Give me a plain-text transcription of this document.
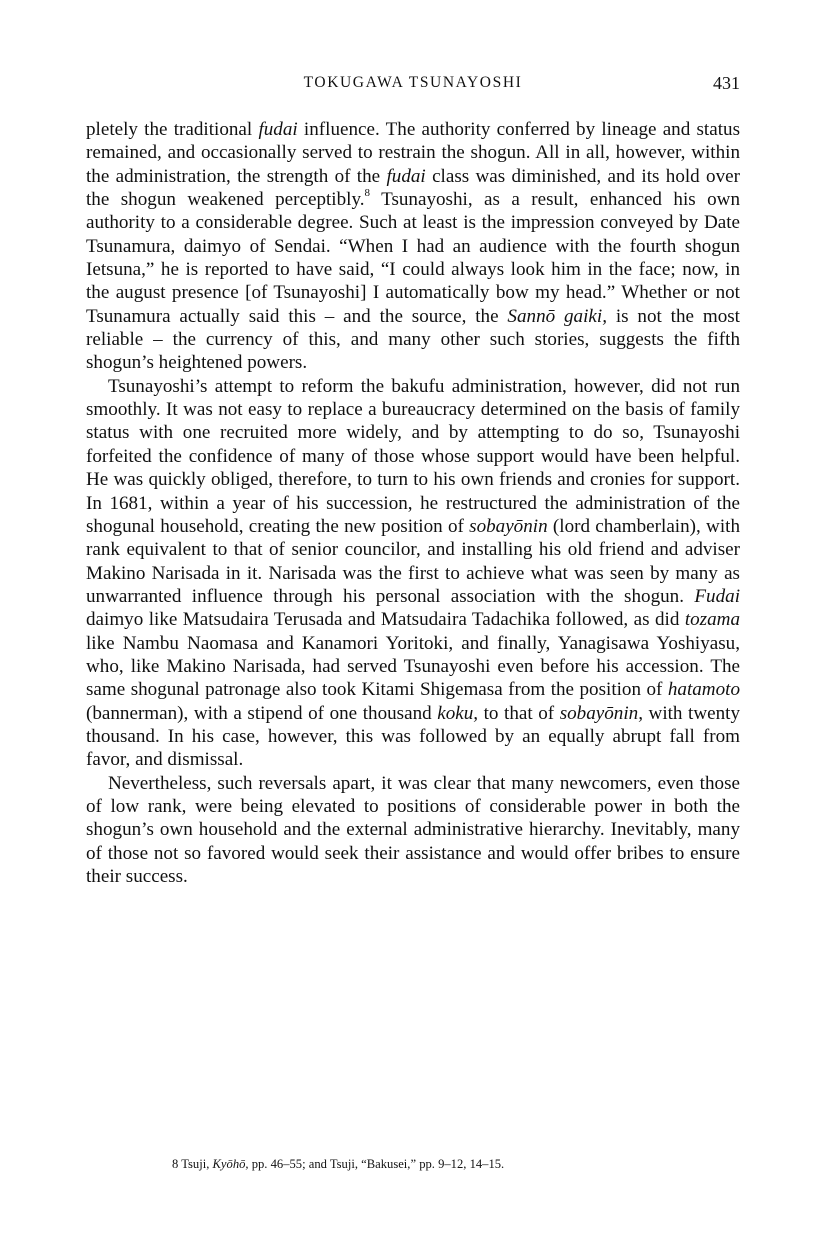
TOKUGAWA TSUNAYOSHI	431

pletely the traditional fudai influence. The authority conferred by lineage and status remained, and occasionally served to restrain the shogun. All in all, however, within the administration, the strength of the fudai class was diminished, and its hold over the shogun weakened perceptibly.$^8$ Tsunayoshi, as a result, enhanced his own authority to a considerable degree. Such at least is the impression conveyed by Date Tsunamura, daimyo of Sendai. “When I had an audience with the fourth shogun Ietsuna,” he is reported to have said, “I could always look him in the face; now, in the august presence [of Tsunayoshi] I automatically bow my head.” Whether or not Tsunamura actually said this – and the source, the Sannō gaiki, is not the most reliable – the currency of this, and many other such stories, suggests the fifth shogun’s heightened powers.

Tsunayoshi’s attempt to reform the bakufu administration, however, did not run smoothly. It was not easy to replace a bureaucracy determined on the basis of family status with one recruited more widely, and by attempting to do so, Tsunayoshi forfeited the confidence of many of those whose support would have been helpful. He was quickly obliged, therefore, to turn to his own friends and cronies for support. In 1681, within a year of his succession, he restructured the administration of the shogunal household, creating the new position of sobayōnin (lord chamberlain), with rank equivalent to that of senior councilor, and installing his old friend and adviser Makino Narisada in it. Narisada was the first to achieve what was seen by many as unwarranted influence through his personal association with the shogun. Fudai daimyo like Matsudaira Terusada and Matsudaira Tadachika followed, as did tozama like Nambu Naomasa and Kanamori Yoritoki, and finally, Yanagisawa Yoshiyasu, who, like Makino Narisada, had served Tsunayoshi even before his accession. The same shogunal patronage also took Kitami Shigemasa from the position of hatamoto (bannerman), with a stipend of one thousand koku, to that of sobayōnin, with twenty thousand. In his case, however, this was followed by an equally abrupt fall from favor, and dismissal.

Nevertheless, such reversals apart, it was clear that many newcomers, even those of low rank, were being elevated to positions of considerable power in both the shogun’s own household and the external administrative hierarchy. Inevitably, many of those not so favored would seek their assistance and would offer bribes to ensure their success.

8 Tsuji, Kyōhō, pp. 46–55; and Tsuji, “Bakusei,” pp. 9–12, 14–15.
